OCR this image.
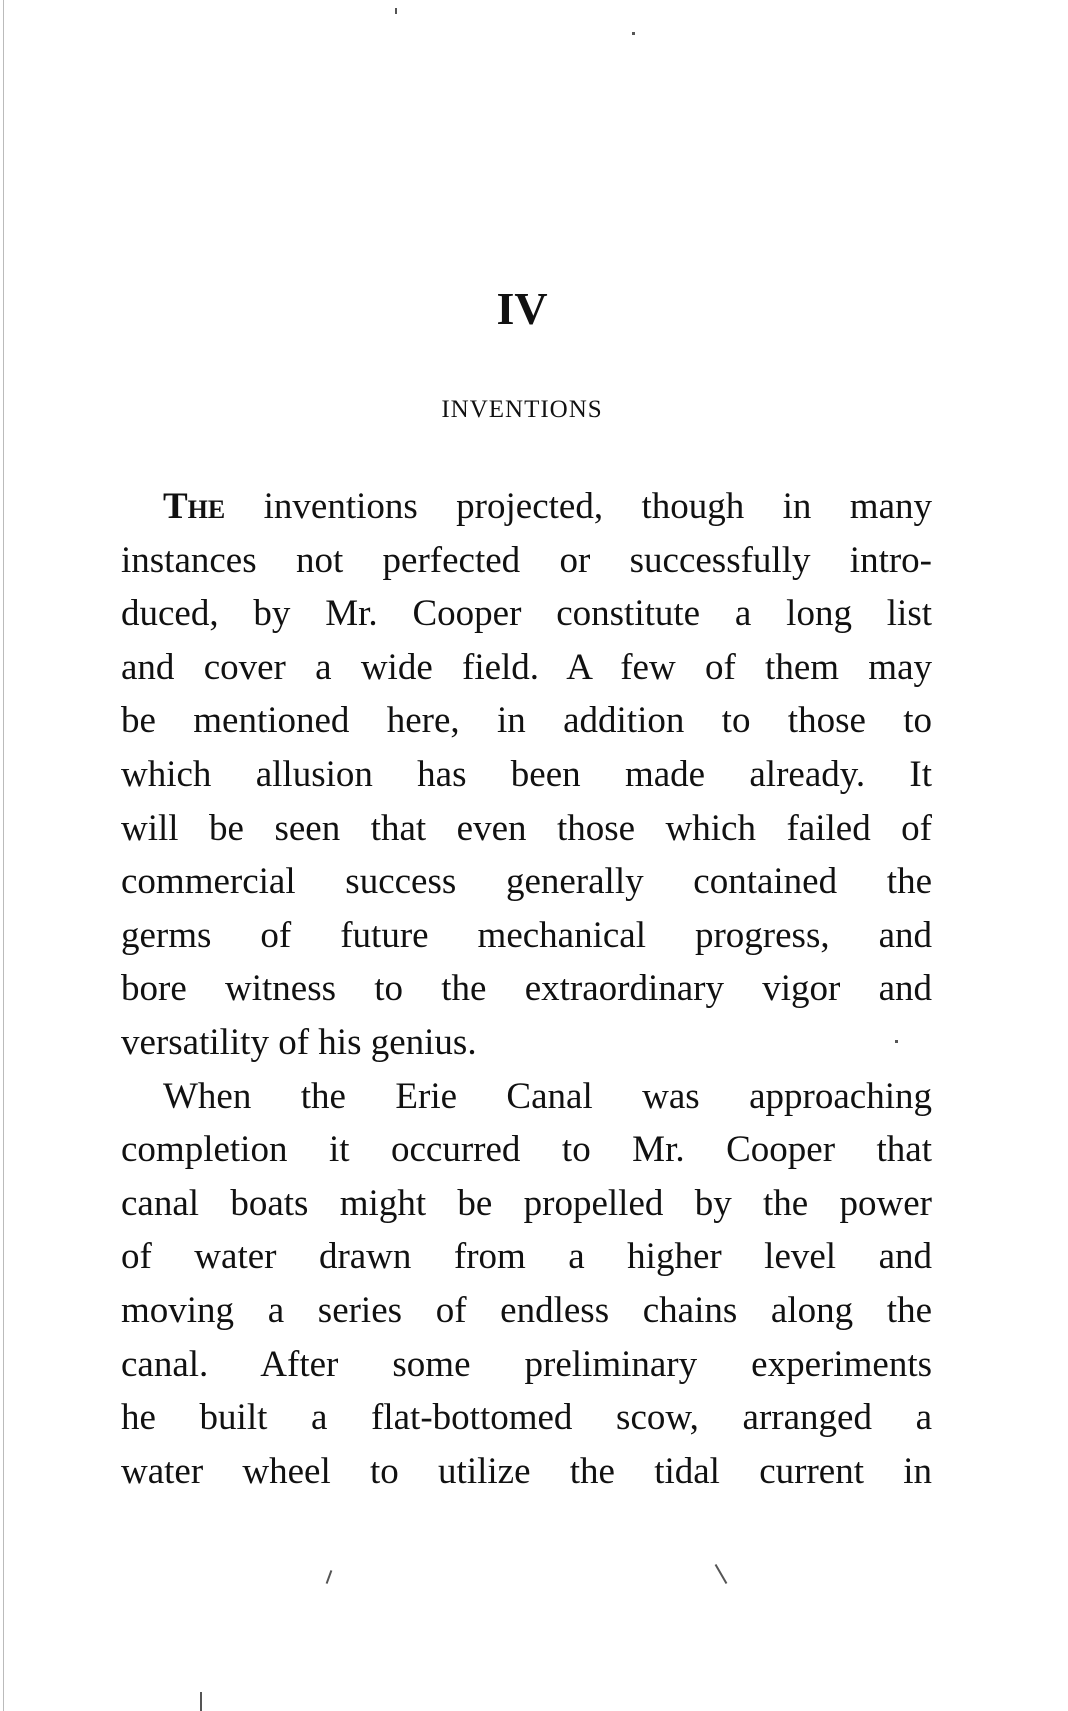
IV
INVENTIONS
The inventions projected, though in many
instances not perfected or successfully intro-
duced, by Mr. Cooper constitute a long list
and cover a wide field. A few of them may
be mentioned here, in addition to those to
which allusion has been made already. It
will be seen that even those which failed of
commercial success generally contained the
germs of future mechanical progress, and
bore witness to the extraordinary vigor and
versatility of his genius.
When the Erie Canal was approaching
completion it occurred to Mr. Cooper that
canal boats might be propelled by the power
of water drawn from a higher level and
moving a series of endless chains along the
canal. After some preliminary experiments
he built a flat-bottomed scow, arranged a
water wheel to utilize the tidal current in
